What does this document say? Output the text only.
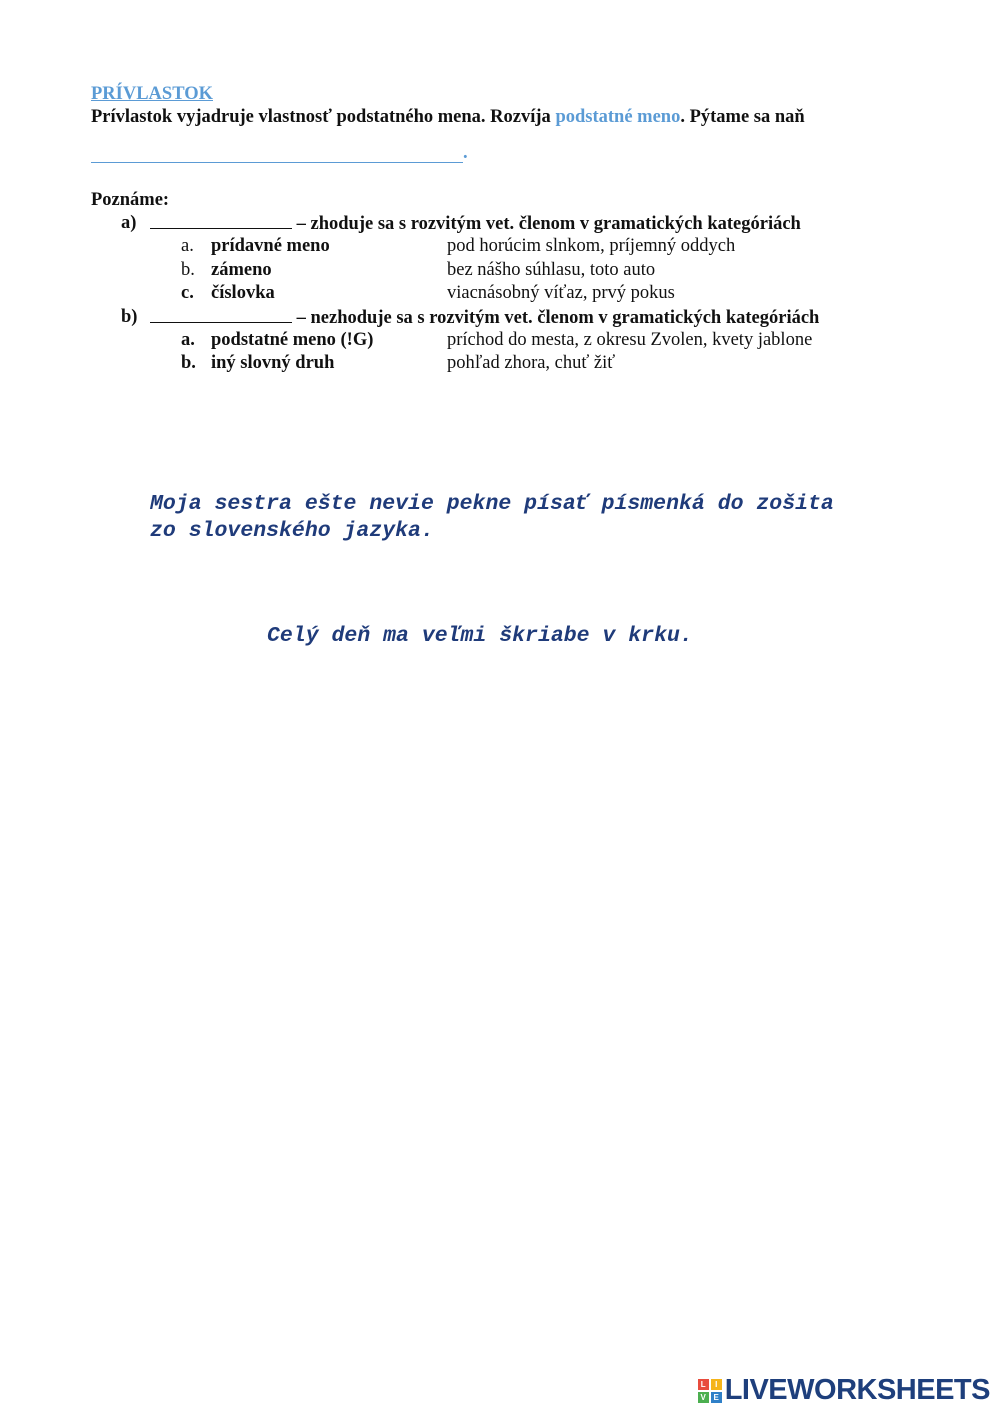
PRÍVLASTOK
Prívlastok vyjadruje vlastnosť podstatného mena. Rozvíja podstatné meno. Pýtame sa naň
.
Poznáme:
a)	– zhoduje sa s rozvitým vet. členom v gramatických kategóriách
a. prídavné meno	pod horúcim slnkom, príjemný oddych
b. zámeno	bez nášho súhlasu, toto auto
c. číslovka	viacnásobný víťaz, prvý pokus
b)	– nezhoduje sa s rozvitým vet. členom v gramatických kategóriách
a. podstatné meno (!G)	príchod do mesta, z okresu Zvolen, kvety jablone
b. iný slovný druh	pohľad zhora, chuť žiť
Moja sestra ešte nevie pekne písať písmenká do zošita
zo slovenského jazyka.
Celý deň ma veľmi škriabe v krku.
L	I
V E LIVEWORKSHEETS
